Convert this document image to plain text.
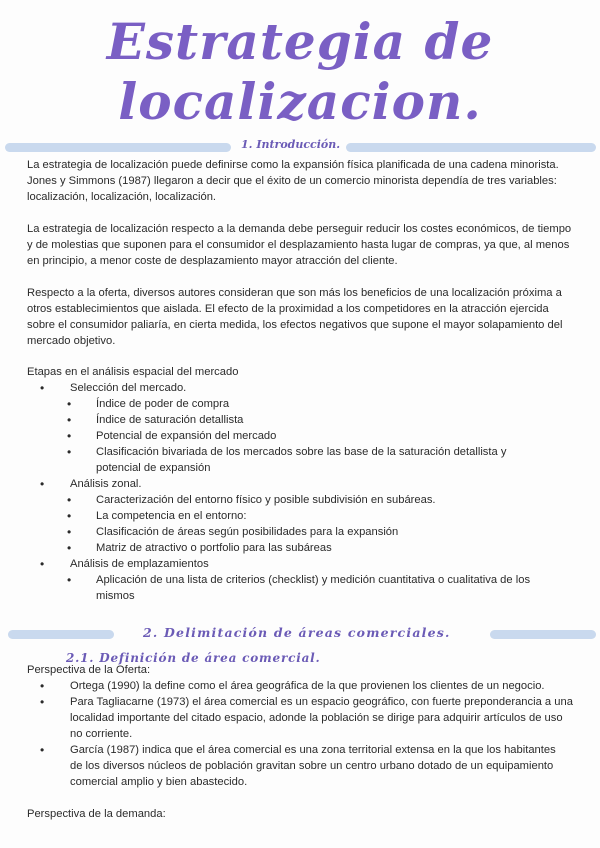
Estrategia de
localizacion.
1. Introducción.

La estrategia de localización puede definirse como la expansión física planificada de una cadena minorista. Jones y Simmons (1987) llegaron a decir que el éxito de un comercio minorista dependía de tres variables: localización, localización, localización.

La estrategia de localización respecto a la demanda debe perseguir reducir los costes económicos, de tiempo y de molestias que suponen para el consumidor el desplazamiento hasta lugar de compras, ya que, al menos en principio, a menor coste de desplazamiento mayor atracción del cliente.

Respecto a la oferta, diversos autores consideran que son más los beneficios de una localización próxima a otros establecimientos que aislada. El efecto de la proximidad a los competidores en la atracción ejercida sobre el consumidor paliaría, en cierta medida, los efectos negativos que supone el mayor solapamiento del mercado objetivo.

Etapas en el análisis espacial del mercado

• Selección del mercado.
• Índice de poder de compra
• Índice de saturación detallista
• Potencial de expansión del mercado
• Clasificación bivariada de los mercados sobre las base de la saturación detallista y potencial de expansión
• Análisis zonal.
• Caracterización del entorno físico y posible subdivisión en subáreas.
• La competencia en el entorno:
• Clasificación de áreas según posibilidades para la expansión
• Matriz de atractivo o portfolio para las subáreas
• Análisis de emplazamientos
• Aplicación de una lista de criterios (checklist) y medición cuantitativa o cualitativa de los mismos
2. Delimitación de áreas comerciales.
2.1. Definición de área comercial.

Perspectiva de la Oferta:

• Ortega (1990) la define como el área geográfica de la que provienen los clientes de un negocio.
• Para Tagliacarne (1973) el área comercial es un espacio geográfico, con fuerte preponderancia a una localidad importante del citado espacio, adonde la población se dirige para adquirir artículos de uso no corriente.
• García (1987) indica que el área comercial es una zona territorial extensa en la que los habitantes de los diversos núcleos de población gravitan sobre un centro urbano dotado de un equipamiento comercial amplio y bien abastecido.

Perspectiva de la demanda:
